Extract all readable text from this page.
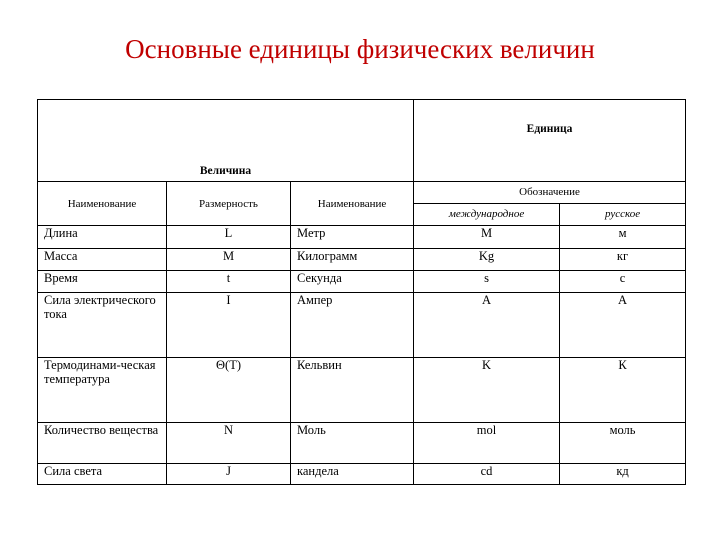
Основные единицы физических величин
Величина			Единица	
Наименование	Размерность	Наименование	Обозначение	
			международное	русское
Длина	L	Метр	M	м
Масса	M	Килограмм	Kg	кг
Время	t	Секунда	s	с
Сила электрического тока	I	Ампер	A	А
Термодинами-ческая температура	Θ(T)	Кельвин	K	К
Количество вещества	N	Моль	mol	моль
Сила света	J	кандела	cd	кд
